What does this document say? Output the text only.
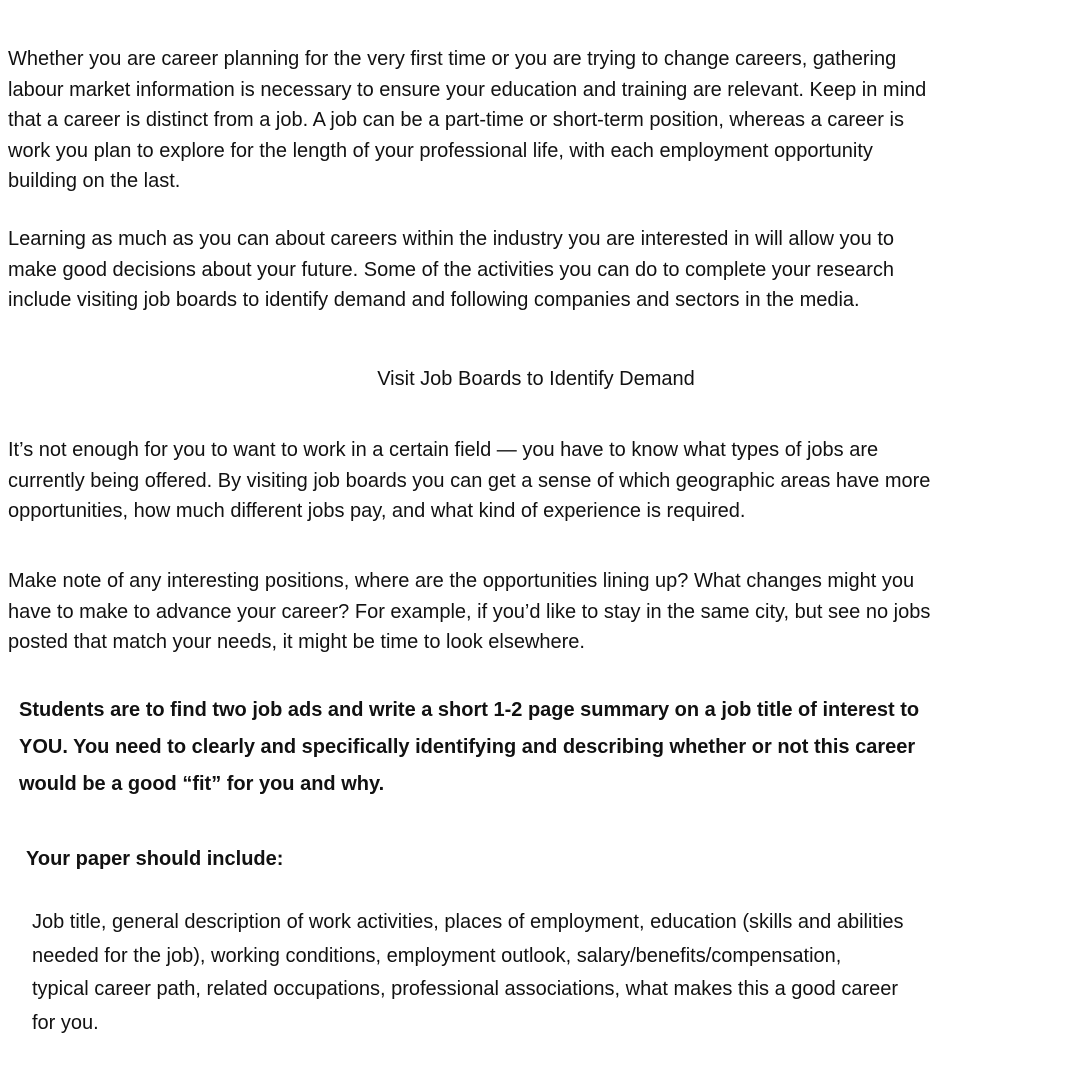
Whether you are career planning for the very first time or you are trying to change careers, gathering
labour market information is necessary to ensure your education and training are relevant. Keep in mind
that a career is distinct from a job. A job can be a part-time or short-term position, whereas a career is
work you plan to explore for the length of your professional life, with each employment opportunity
building on the last.

Learning as much as you can about careers within the industry you are interested in will allow you to
make good decisions about your future. Some of the activities you can do to complete your research
include visiting job boards to identify demand and following companies and sectors in the media.

Visit Job Boards to Identify Demand

It’s not enough for you to want to work in a certain field — you have to know what types of jobs are
currently being offered. By visiting job boards you can get a sense of which geographic areas have more
opportunities, how much different jobs pay, and what kind of experience is required.

Make note of any interesting positions, where are the opportunities lining up? What changes might you
have to make to advance your career? For example, if you’d like to stay in the same city, but see no jobs
posted that match your needs, it might be time to look elsewhere.

Students are to find two job ads and write a short 1-2 page summary on a job title of interest to
YOU. You need to clearly and specifically identifying and describing whether or not this career
would be a good “fit” for you and why.

Your paper should include:

Job title, general description of work activities, places of employment, education (skills and abilities
needed for the job), working conditions, employment outlook, salary/benefits/compensation,
typical career path, related occupations, professional associations, what makes this a good career
for you.
